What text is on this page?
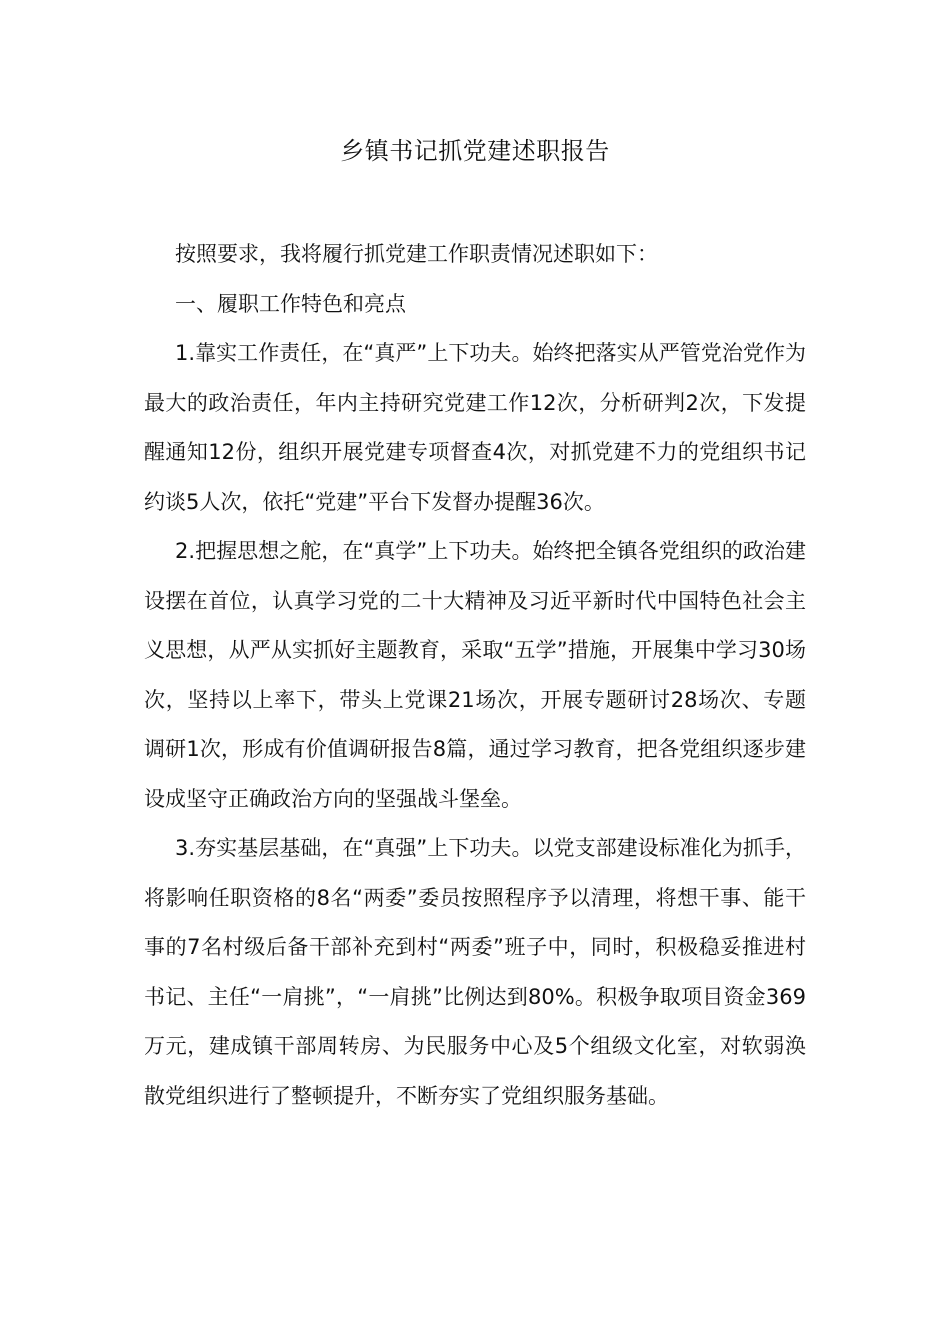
乡镇书记抓党建述职报告

按照要求，我将履行抓党建工作职责情况述职如下：

一、履职工作特色和亮点

1.靠实工作责任，在“真严”上下功夫。始终把落实从严管党治党作为最大的政治责任，年内主持研究党建工作12次，分析研判2次，下发提醒通知12份，组织开展党建专项督查4次，对抓党建不力的党组织书记约谈5人次，依托“党建”平台下发督办提醒36次。

2.把握思想之舵，在“真学”上下功夫。始终把全镇各党组织的政治建设摆在首位，认真学习党的二十大精神及习近平新时代中国特色社会主义思想，从严从实抓好主题教育，采取“五学”措施，开展集中学习30场次，坚持以上率下，带头上党课21场次，开展专题研讨28场次、专题调研1次，形成有价值调研报告8篇，通过学习教育，把各党组织逐步建设成坚守正确政治方向的坚强战斗堡垒。

3.夯实基层基础，在“真强”上下功夫。以党支部建设标准化为抓手，将影响任职资格的8名“两委”委员按照程序予以清理，将想干事、能干事的7名村级后备干部补充到村“两委”班子中，同时，积极稳妥推进村书记、主任“一肩挑”，“一肩挑”比例达到80%。积极争取项目资金369万元，建成镇干部周转房、为民服务中心及5个组级文化室，对软弱涣散党组织进行了整顿提升，不断夯实了党组织服务基础。
